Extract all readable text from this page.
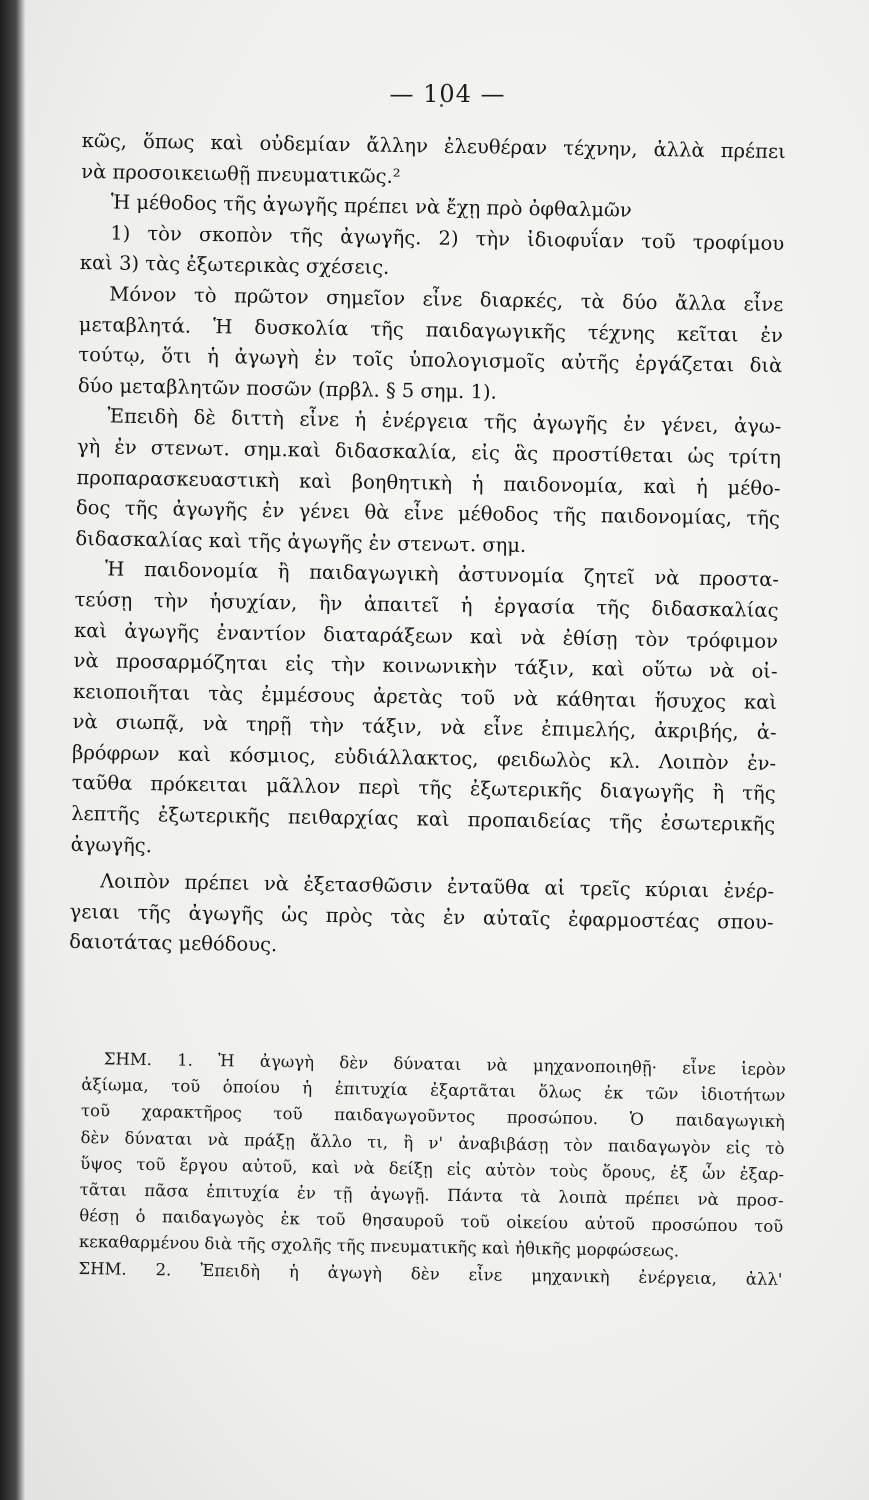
— 104 —
κῶς, ὅπως καὶ οὐδεμίαν ἄλλην ἐλευθέραν τέχνην, ἀλλὰ πρέπει
νὰ προσοικειωθῇ πνευματικῶς.²
Ἡ μέθοδος τῆς ἀγωγῆς πρέπει νὰ ἔχῃ πρὸ ὀφθαλμῶν
1) τὸν σκοπὸν τῆς ἀγωγῆς. 2) τὴν ἰδιοφυΐαν τοῦ τροφίμου
καὶ 3) τὰς ἐξωτερικὰς σχέσεις.
Μόνον τὸ πρῶτον σημεῖον εἶνε διαρκές, τὰ δύο ἄλλα εἶνε
μεταβλητά. Ἡ δυσκολία τῆς παιδαγωγικῆς τέχνης κεῖται ἐν
τούτῳ, ὅτι ἡ ἀγωγὴ ἐν τοῖς ὑπολογισμοῖς αὐτῆς ἐργάζεται διὰ
δύο μεταβλητῶν ποσῶν (πρβλ. § 5 σημ. 1).
Ἐπειδὴ δὲ διττὴ εἶνε ἡ ἐνέργεια τῆς ἀγωγῆς ἐν γένει, ἀγω-
γὴ ἐν στενωτ. σημ.καὶ διδασκαλία, εἰς ἃς προστίθεται ὡς τρίτη
προπαρασκευαστικὴ καὶ βοηθητικὴ ἡ παιδονομία, καὶ ἡ μέθο-
δος τῆς ἀγωγῆς ἐν γένει θὰ εἶνε μέθοδος τῆς παιδονομίας, τῆς
διδασκαλίας καὶ τῆς ἀγωγῆς ἐν στενωτ. σημ.
Ἡ παιδονομία ἢ παιδαγωγικὴ ἀστυνομία ζητεῖ νὰ προστα-
τεύσῃ τὴν ἡσυχίαν, ἣν ἀπαιτεῖ ἡ ἐργασία τῆς διδασκαλίας
καὶ ἀγωγῆς ἐναντίον διαταράξεων καὶ νὰ ἐθίσῃ τὸν τρόφιμον
νὰ προσαρμόζηται εἰς τὴν κοινωνικὴν τάξιν, καὶ οὕτω νὰ οἰ-
κειοποιῆται τὰς ἐμμέσους ἀρετὰς τοῦ νὰ κάθηται ἥσυχος καὶ
νὰ σιωπᾷ, νὰ τηρῇ τὴν τάξιν, νὰ εἶνε ἐπιμελής, ἀκριβής, ἀ-
βρόφρων καὶ κόσμιος, εὐδιάλλακτος, φειδωλὸς κλ. Λοιπὸν ἐν-
ταῦθα πρόκειται μᾶλλον περὶ τῆς ἐξωτερικῆς διαγωγῆς ἢ τῆς
λεπτῆς ἐξωτερικῆς πειθαρχίας καὶ προπαιδείας τῆς ἐσωτερικῆς
ἀγωγῆς.
Λοιπὸν πρέπει νὰ ἐξετασθῶσιν ἐνταῦθα αἱ τρεῖς κύριαι ἐνέρ-
γειαι τῆς ἀγωγῆς ὡς πρὸς τὰς ἐν αὐταῖς ἐφαρμοστέας σπου-
δαιοτάτας μεθόδους.
ΣΗΜ. 1. Ἡ ἀγωγὴ δὲν δύναται νὰ μηχανοποιηθῇ· εἶνε ἱερὸν
ἀξίωμα, τοῦ ὁποίου ἡ ἐπιτυχία ἐξαρτᾶται ὅλως ἐκ τῶν ἰδιοτήτων
τοῦ χαρακτῆρος τοῦ παιδαγωγοῦντος προσώπου. Ὁ παιδαγωγικὴ
δὲν δύναται νὰ πράξῃ ἄλλο τι, ἢ ν' ἀναβιβάσῃ τὸν παιδαγωγὸν εἰς τὸ
ὕψος τοῦ ἔργου αὐτοῦ, καὶ νὰ δείξῃ εἰς αὐτὸν τοὺς ὅρους, ἐξ ὧν ἐξαρ-
τᾶται πᾶσα ἐπιτυχία ἐν τῇ ἀγωγῇ. Πάντα τὰ λοιπὰ πρέπει νὰ προσ-
θέσῃ ὁ παιδαγωγὸς ἐκ τοῦ θησαυροῦ τοῦ οἰκείου αὐτοῦ προσώπου τοῦ
κεκαθαρμένου διὰ τῆς σχολῆς τῆς πνευματικῆς καὶ ἠθικῆς μορφώσεως.
ΣΗΜ. 2. Ἐπειδὴ ἡ ἀγωγὴ δὲν εἶνε μηχανικὴ ἐνέργεια, ἀλλ'
